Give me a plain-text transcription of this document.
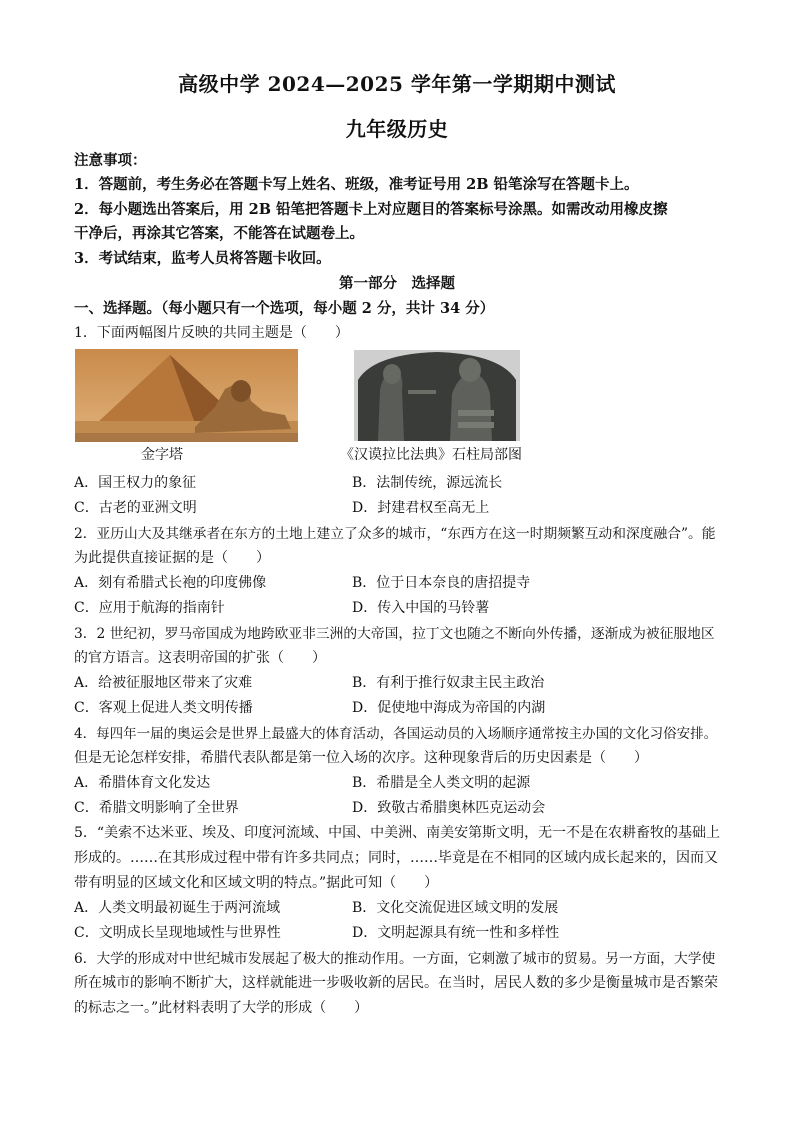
高级中学 2024—2025 学年第一学期期中测试
九年级历史
注意事项：
1．答题前，考生务必在答题卡写上姓名、班级，准考证号用 2B 铅笔涂写在答题卡上。
2．每小题选出答案后，用 2B 铅笔把答题卡上对应题目的答案标号涂黑。如需改动用橡皮擦
干净后，再涂其它答案，不能答在试题卷上。
3．考试结束，监考人员将答题卡收回。
第一部分　选择题
一、选择题。（每小题只有一个选项，每小题 2 分，共计 34 分）
1．下面两幅图片反映的共同主题是（　　）
金字塔	《汉谟拉比法典》石柱局部图
A．国王权力的象征	B．法制传统，源远流长
C．古老的亚洲文明	D．封建君权至高无上
2．亚历山大及其继承者在东方的土地上建立了众多的城市，“东西方在这一时期频繁互动和深度融合”。能
为此提供直接证据的是（　　）
A．刻有希腊式长袍的印度佛像	B．位于日本奈良的唐招提寺
C．应用于航海的指南针	D．传入中国的马铃薯
3．2 世纪初，罗马帝国成为地跨欧亚非三洲的大帝国，拉丁文也随之不断向外传播，逐渐成为被征服地区
的官方语言。这表明帝国的扩张（　　）
A．给被征服地区带来了灾难	B．有利于推行奴隶主民主政治
C．客观上促进人类文明传播	D．促使地中海成为帝国的内湖
4．每四年一届的奥运会是世界上最盛大的体育活动，各国运动员的入场顺序通常按主办国的文化习俗安排。
但是无论怎样安排，希腊代表队都是第一位入场的次序。这种现象背后的历史因素是（　　）
A．希腊体育文化发达	B．希腊是全人类文明的起源
C．希腊文明影响了全世界	D．致敬古希腊奥林匹克运动会
5．“美索不达米亚、埃及、印度河流域、中国、中美洲、南美安第斯文明，无一不是在农耕畜牧的基础上
形成的。……在其形成过程中带有许多共同点；同时，……毕竟是在不相同的区域内成长起来的，因而又
带有明显的区域文化和区域文明的特点。”据此可知（　　）
A．人类文明最初诞生于两河流域	B．文化交流促进区域文明的发展
C．文明成长呈现地域性与世界性	D．文明起源具有统一性和多样性
6．大学的形成对中世纪城市发展起了极大的推动作用。一方面，它刺激了城市的贸易。另一方面，大学使
所在城市的影响不断扩大，这样就能进一步吸收新的居民。在当时，居民人数的多少是衡量城市是否繁荣
的标志之一。”此材料表明了大学的形成（　　）
